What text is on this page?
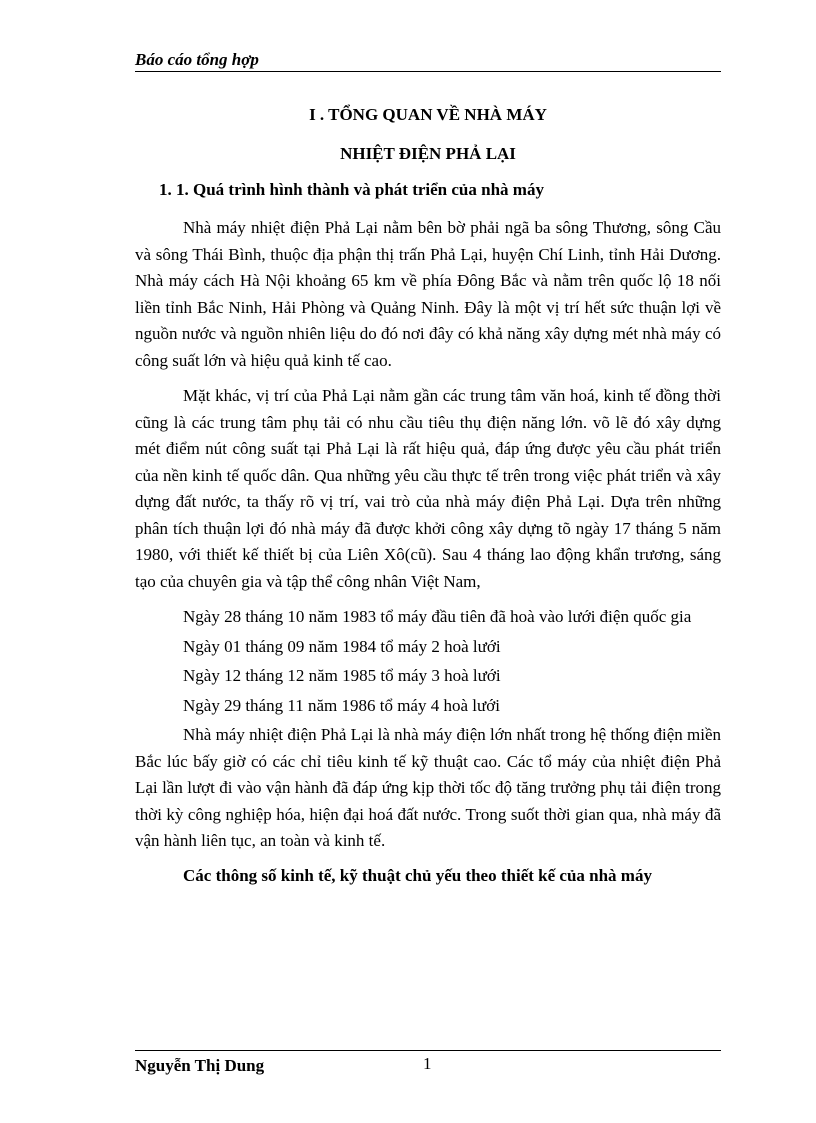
Báo cáo tổng hợp
I . TỔNG QUAN VỀ NHÀ MÁY
NHIỆT ĐIỆN PHẢ LẠI
1. 1. Quá trình hình thành và phát triển của nhà máy

Nhà máy nhiệt điện Phả Lại nằm bên bờ phải ngã ba sông Thương, sông Cầu và sông Thái Bình, thuộc địa phận thị trấn Phả Lại, huyện Chí Linh, tỉnh Hải Dương. Nhà máy cách Hà Nội khoảng 65 km về phía Đông Bắc và nằm trên quốc lộ 18 nối liền tỉnh Bắc Ninh, Hải Phòng và Quảng Ninh. Đây là một vị trí hết sức thuận lợi về nguồn nước và nguồn nhiên liệu do đó nơi đây có khả năng xây dựng mét nhà máy có công suất lớn và hiệu quả kinh tế cao.

Mặt khác, vị trí của Phả Lại nằm gần các trung tâm văn hoá, kinh tế đồng thời cũng là các trung tâm phụ tải có nhu cầu tiêu thụ điện năng lớn. võ lẽ đó xây dựng mét điểm nút công suất tại Phả Lại là rất hiệu quả, đáp ứng được yêu cầu phát triển của nền kinh tế quốc dân. Qua những yêu cầu thực tế trên trong việc phát triển và xây dựng đất nước, ta thấy rõ vị trí, vai trò của nhà máy điện Phả Lại. Dựa trên những phân tích thuận lợi đó nhà máy đã được khởi công xây dựng tõ ngày 17 tháng 5 năm 1980, với thiết kế thiết bị của Liên Xô(cũ). Sau 4 tháng lao động khẩn trương, sáng tạo của chuyên gia và tập thể công nhân Việt Nam,

Ngày 28 tháng 10 năm 1983 tổ máy đầu tiên đã hoà vào lưới điện quốc gia

Ngày 01 tháng 09 năm 1984 tổ máy 2 hoà lưới

Ngày 12 tháng 12 năm 1985 tổ máy 3 hoà lưới

Ngày 29 tháng 11 năm 1986 tổ máy 4 hoà lưới

Nhà máy nhiệt điện Phả Lại là nhà máy điện lớn nhất trong hệ thống điện miền Bắc lúc bấy giờ có các chỉ tiêu kinh tế kỹ thuật cao. Các tổ máy của nhiệt điện Phả Lại lần lượt đi vào vận hành đã đáp ứng kịp thời tốc độ tăng trưởng phụ tải điện trong thời kỳ công nghiệp hóa, hiện đại hoá đất nước. Trong suốt thời gian qua, nhà máy đã vận hành liên tục, an toàn và kinh tế.

Các thông số kinh tế, kỹ thuật chủ yếu theo thiết kế của nhà máy
Nguyễn Thị Dung	1
